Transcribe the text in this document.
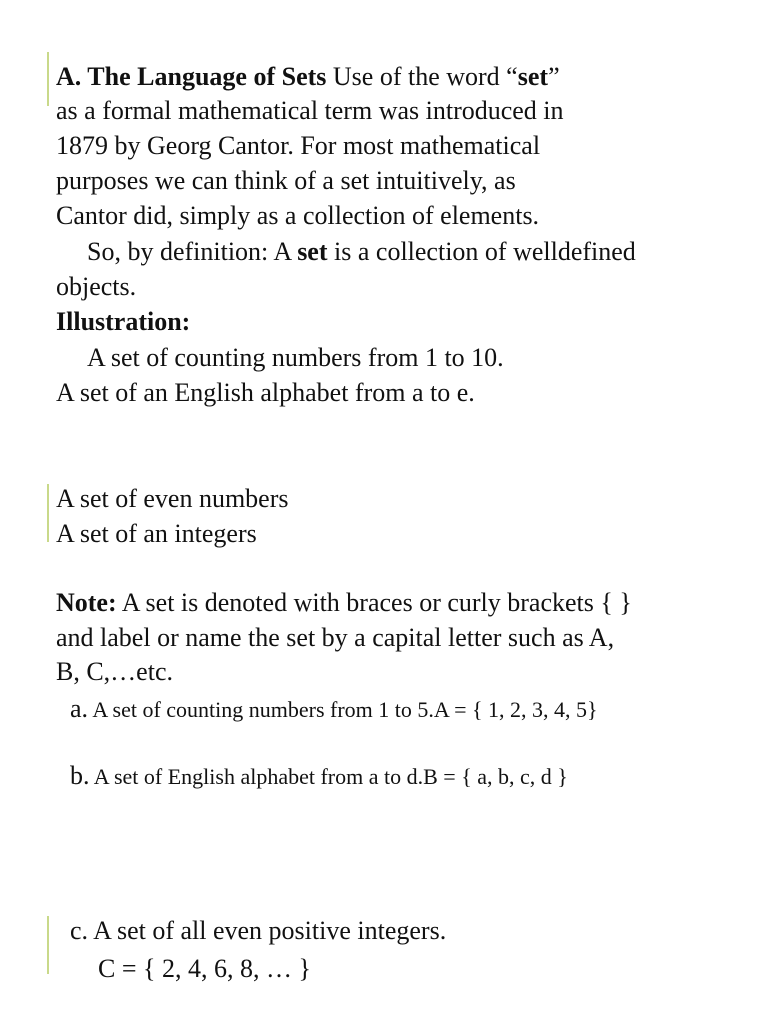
A. The Language of Sets Use of the word “set”
as a formal mathematical term was introduced in
1879 by Georg Cantor. For most mathematical
purposes we can think of a set intuitively, as
Cantor did, simply as a collection of elements.
So, by definition: A set is a collection of welldefined
objects.
Illustration:
A set of counting numbers from 1 to 10.
A set of an English alphabet from a to e.
A set of even numbers
A set of an integers
Note: A set is denoted with braces or curly brackets { }
and label or name the set by a capital letter such as A,
B, C,…etc.
a. A set of counting numbers from 1 to 5.A = { 1, 2, 3, 4, 5}
b. A set of English alphabet from a to d.B = { a, b, c, d }
c. A set of all even positive integers.
C = { 2, 4, 6, 8, … }
